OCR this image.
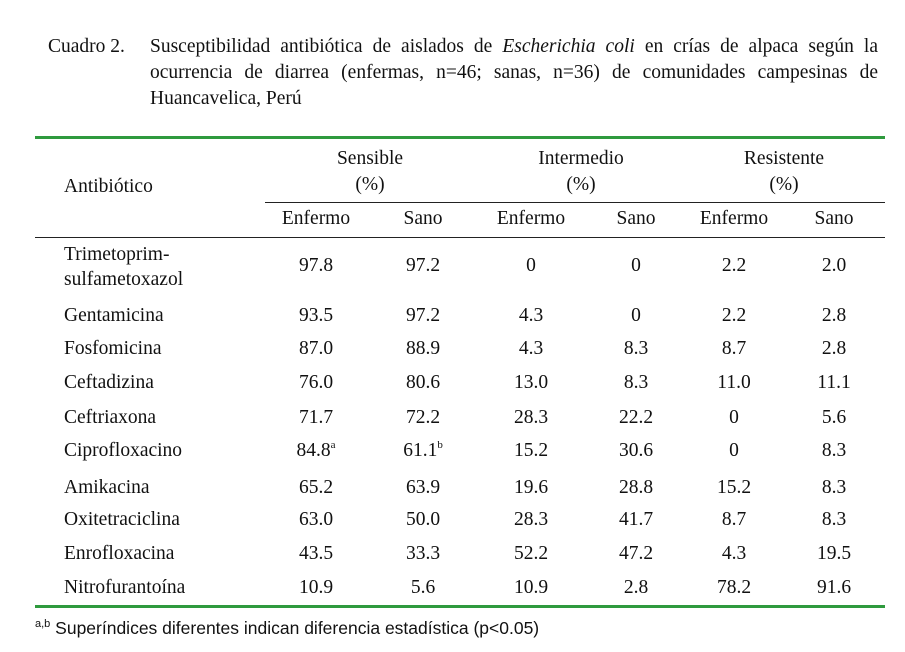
Cuadro 2. Susceptibilidad antibiótica de aislados de Escherichia coli en crías de alpaca según la ocurrencia de diarrea (enfermas, n=46; sanas, n=36) de comunidades campesinas de Huancavelica, Perú
Antibiótico
Sensible
(%)
Intermedio
(%)
Resistente
(%)
Enfermo	Sano	Enfermo	Sano Enfermo Sano
Trimetoprim-
sulfametoxazol
97.8	97.2	0	0	2.2	2.0
Gentamicina	93.5	97.2	4.3	0	2.2	2.8
Fosfomicina	87.0	88.9	4.3	8.3	8.7	2.8
Ceftadizina	76.0	80.6	13.0	8.3	11.0	11.1
Ceftriaxona	71.7	72.2	28.3	22.2	0	5.6
Ciprofloxacino	84.8$^a$	61.1$^b$	15.2	30.6	0	8.3
Amikacina	65.2	63.9	19.6	28.8	15.2	8.3
Oxitetraciclina	63.0	50.0	28.3	41.7	8.7	8.3
Enrofloxacina	43.5	33.3	52.2	47.2	4.3	19.5
Nitrofurantoína	10.9	5.6	10.9	2.8	78.2	91.6
$^{a,b}$ Superíndices diferentes indican diferencia estadística (p<0.05)
